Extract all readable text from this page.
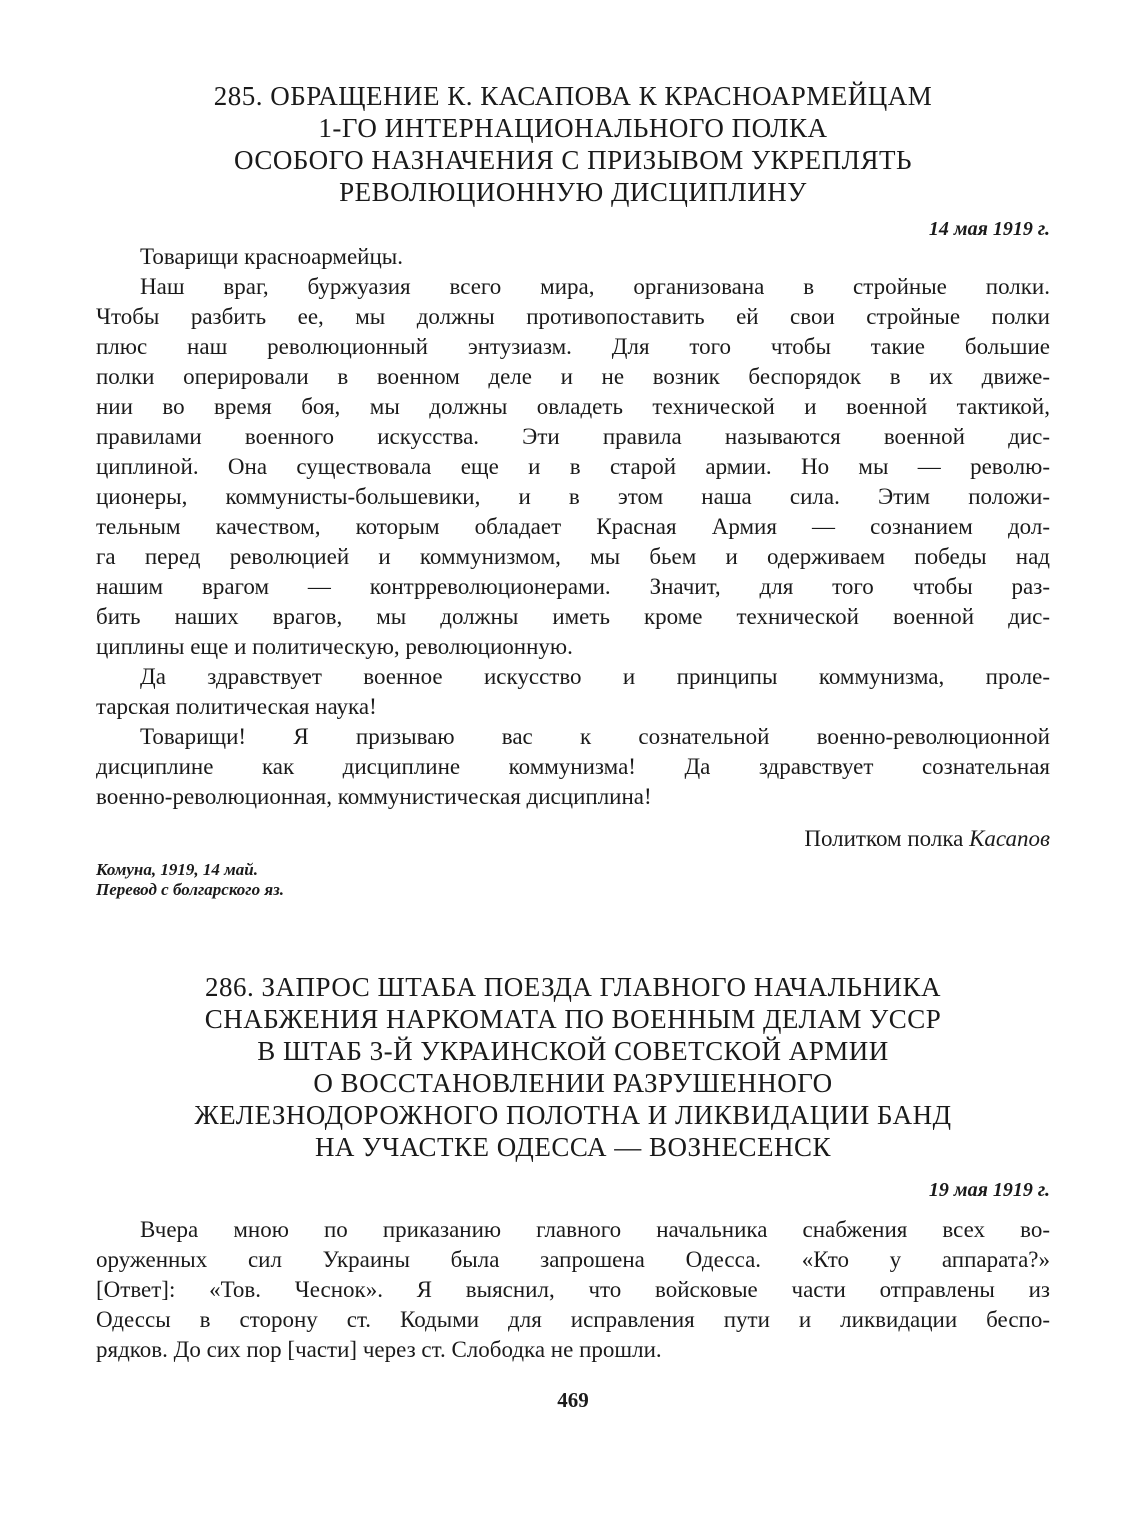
285. ОБРАЩЕНИЕ К. КАСАПОВА К КРАСНОАРМЕЙЦАМ
1-ГО ИНТЕРНАЦИОНАЛЬНОГО ПОЛКА
ОСОБОГО НАЗНАЧЕНИЯ С ПРИЗЫВОМ УКРЕПЛЯТЬ
РЕВОЛЮЦИОННУЮ ДИСЦИПЛИНУ

14 мая 1919 г.

Товарищи красноармейцы.

Наш враг, буржуазия всего мира, организована в стройные полки.
Чтобы разбить ее, мы должны противопоставить ей свои стройные полки
плюс наш революционный энтузиазм. Для того чтобы такие большие
полки оперировали в военном деле и не возник беспорядок в их движе-
нии во время боя, мы должны овладеть технической и военной тактикой,
правилами военного искусства. Эти правила называются военной дис-
циплиной. Она существовала еще и в старой армии. Но мы — револю-
ционеры, коммунисты-большевики, и в этом наша сила. Этим положи-
тельным качеством, которым обладает Красная Армия — сознанием дол-
га перед революцией и коммунизмом, мы бьем и одерживаем победы над
нашим врагом — контрреволюционерами. Значит, для того чтобы раз-
бить наших врагов, мы должны иметь кроме технической военной дис-
циплины еще и политическую, революционную.
Да здравствует военное искусство и принципы коммунизма, проле-
тарская политическая наука!
Товарищи! Я призываю вас к сознательной военно-революционной
дисциплине как дисциплине коммунизма! Да здравствует сознательная
военно-революционная, коммунистическая дисциплина!

Политком полка Касапов

Комуна, 1919, 14 май.

Перевод с болгарского яз.

286. ЗАПРОС ШТАБА ПОЕЗДА ГЛАВНОГО НАЧАЛЬНИКА
СНАБЖЕНИЯ НАРКОМАТА ПО ВОЕННЫМ ДЕЛАМ УССР
В ШТАБ 3-Й УКРАИНСКОЙ СОВЕТСКОЙ АРМИИ
О ВОССТАНОВЛЕНИИ РАЗРУШЕННОГО
ЖЕЛЕЗНОДОРОЖНОГО ПОЛОТНА И ЛИКВИДАЦИИ БАНД
НА УЧАСТКЕ ОДЕССА — ВОЗНЕСЕНСК

19 мая 1919 г.

Вчера мною по приказанию главного начальника снабжения всех во-
оруженных сил Украины была запрошена Одесса. «Кто у аппарата?»
[Ответ]: «Тов. Чеснок». Я выяснил, что войсковые части отправлены из
Одессы в сторону ст. Кодыми для исправления пути и ликвидации беспо-
рядков. До сих пор [части] через ст. Слободка не прошли.
469
